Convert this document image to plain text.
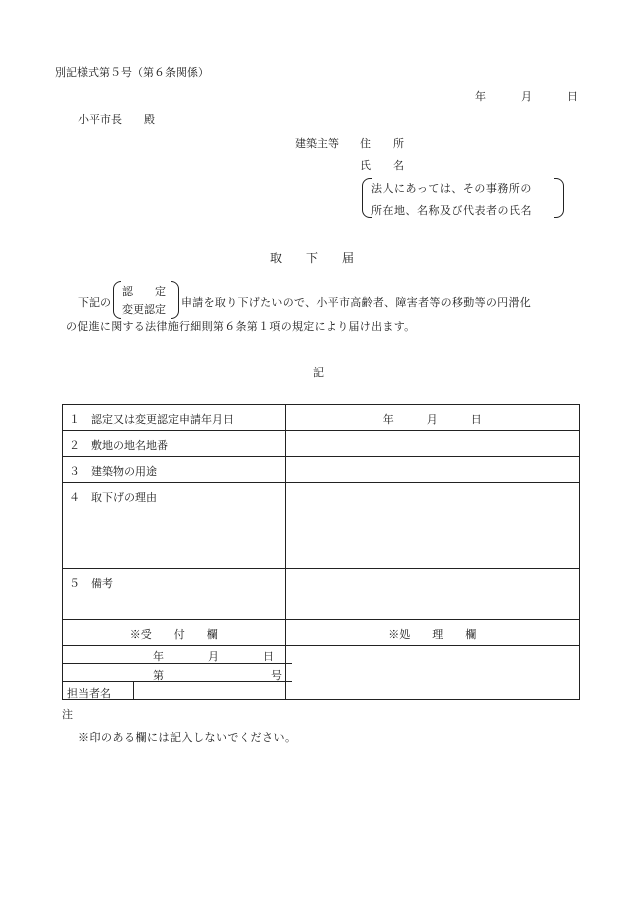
別記様式第５号（第６条関係）
年	月	日
小平市長　　殿
建築主等 住　　所
氏　　名
法人にあっては、その事務所の
所在地、名称及び代表者の氏名
取　　下　　届
下記の
認　　定
変更認定
申請を取り下げたいので、小平市高齢者、障害者等の移動等の円滑化
の促進に関する法律施行細則第６条第１項の規定により届け出ます。
記
１　認定又は変更認定申請年月日	年　　　月　　　日
２　敷地の地名地番	
３　建築物の用途	
４　取下げの理由	
５　備考	
※受　　付　　欄	※処　　理　　欄

年　　　　月　　　　日
第	号
担当者名
注
※印のある欄には記入しないでください。
